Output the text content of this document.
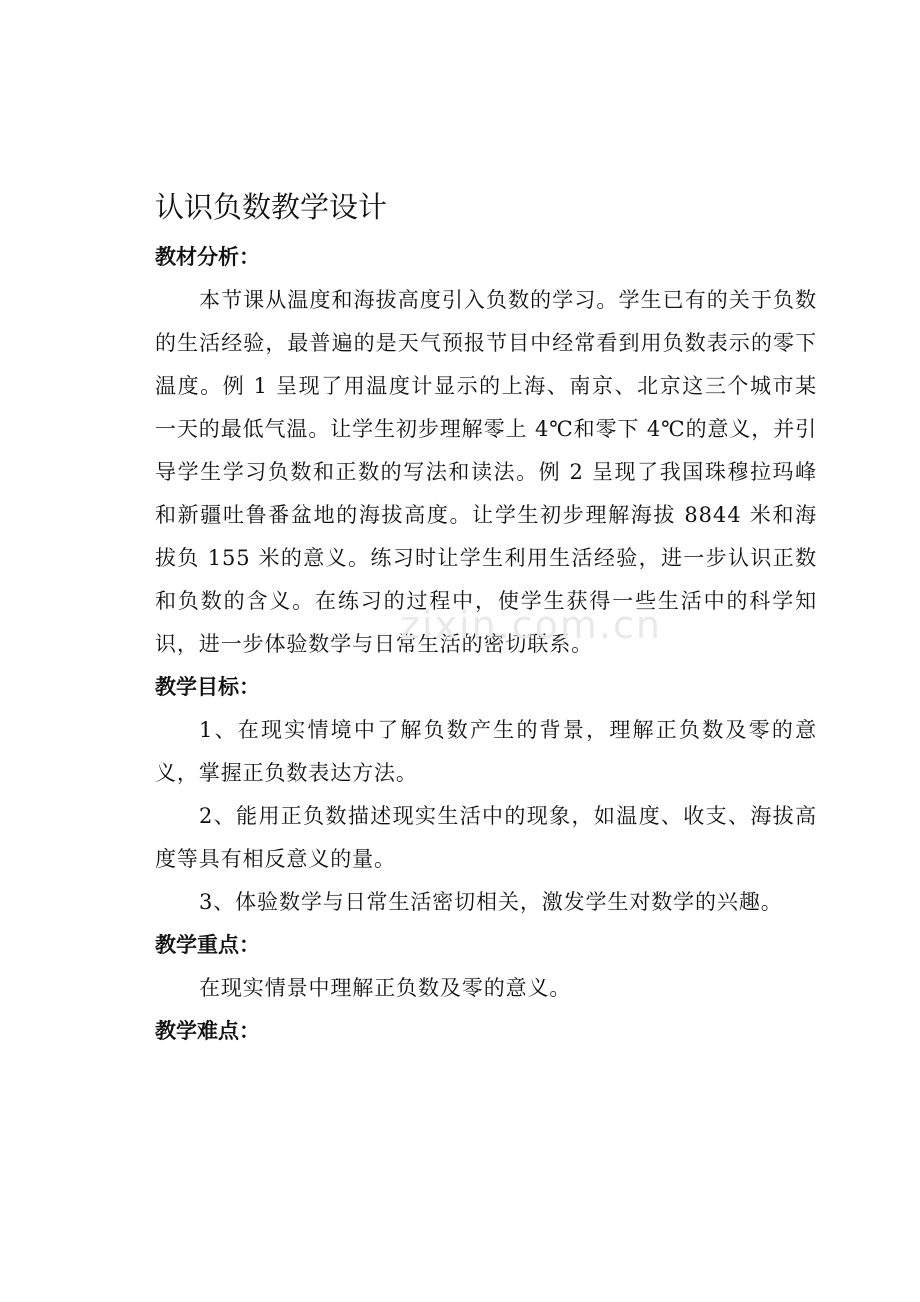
认识负数教学设计
教材分析：

本节课从温度和海拔高度引入负数的学习。学生已有的关于负数的生活经验，最普遍的是天气预报节目中经常看到用负数表示的零下温度。例 1 呈现了用温度计显示的上海、南京、北京这三个城市某一天的最低气温。让学生初步理解零上 4℃和零下 4℃的意义，并引导学生学习负数和正数的写法和读法。例 2 呈现了我国珠穆拉玛峰和新疆吐鲁番盆地的海拔高度。让学生初步理解海拔 8844 米和海拔负 155 米的意义。练习时让学生利用生活经验，进一步认识正数和负数的含义。在练习的过程中，使学生获得一些生活中的科学知识，进一步体验数学与日常生活的密切联系。

教学目标：

1、在现实情境中了解负数产生的背景，理解正负数及零的意义，掌握正负数表达方法。

2、能用正负数描述现实生活中的现象，如温度、收支、海拔高度等具有相反意义的量。

3、体验数学与日常生活密切相关，激发学生对数学的兴趣。

教学重点：

在现实情景中理解正负数及零的意义。

教学难点：
zixin.com.cn
